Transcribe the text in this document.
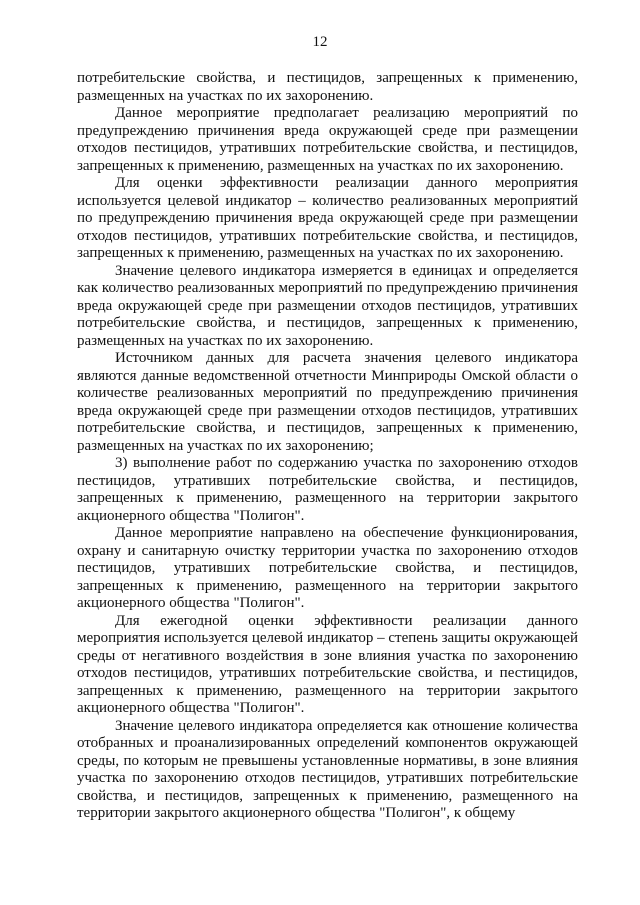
12

потребительские свойства, и пестицидов, запрещенных к применению, размещенных на участках по их захоронению.

Данное мероприятие предполагает реализацию мероприятий по предупреждению причинения вреда окружающей среде при размещении отходов пестицидов, утративших потребительские свойства, и пестицидов, запрещенных к применению, размещенных на участках по их захоронению.

Для оценки эффективности реализации данного мероприятия используется целевой индикатор – количество реализованных мероприятий по предупреждению причинения вреда окружающей среде при размещении отходов пестицидов, утративших потребительские свойства, и пестицидов, запрещенных к применению, размещенных на участках по их захоронению.

Значение целевого индикатора измеряется в единицах и определяется как количество реализованных мероприятий по предупреждению причинения вреда окружающей среде при размещении отходов пестицидов, утративших потребительские свойства, и пестицидов, запрещенных к применению, размещенных на участках по их захоронению.

Источником данных для расчета значения целевого индикатора являются данные ведомственной отчетности Минприроды Омской области о количестве реализованных мероприятий по предупреждению причинения вреда окружающей среде при размещении отходов пестицидов, утративших потребительские свойства, и пестицидов, запрещенных к применению, размещенных на участках по их захоронению;

3) выполнение работ по содержанию участка по захоронению отходов пестицидов, утративших потребительские свойства, и пестицидов, запрещенных к применению, размещенного на территории закрытого акционерного общества "Полигон".

Данное мероприятие направлено на обеспечение функционирования, охрану и санитарную очистку территории участка по захоронению отходов пестицидов, утративших потребительские свойства, и пестицидов, запрещенных к применению, размещенного на территории закрытого акционерного общества "Полигон".

Для ежегодной оценки эффективности реализации данного мероприятия используется целевой индикатор – степень защиты окружающей среды от негативного воздействия в зоне влияния участка по захоронению отходов пестицидов, утративших потребительские свойства, и пестицидов, запрещенных к применению, размещенного на территории закрытого акционерного общества "Полигон".

Значение целевого индикатора определяется как отношение количества отобранных и проанализированных определений компонентов окружающей среды, по которым не превышены установленные нормативы, в зоне влияния участка по захоронению отходов пестицидов, утративших потребительские свойства, и пестицидов, запрещенных к применению, размещенного на территории закрытого акционерного общества "Полигон", к общему
